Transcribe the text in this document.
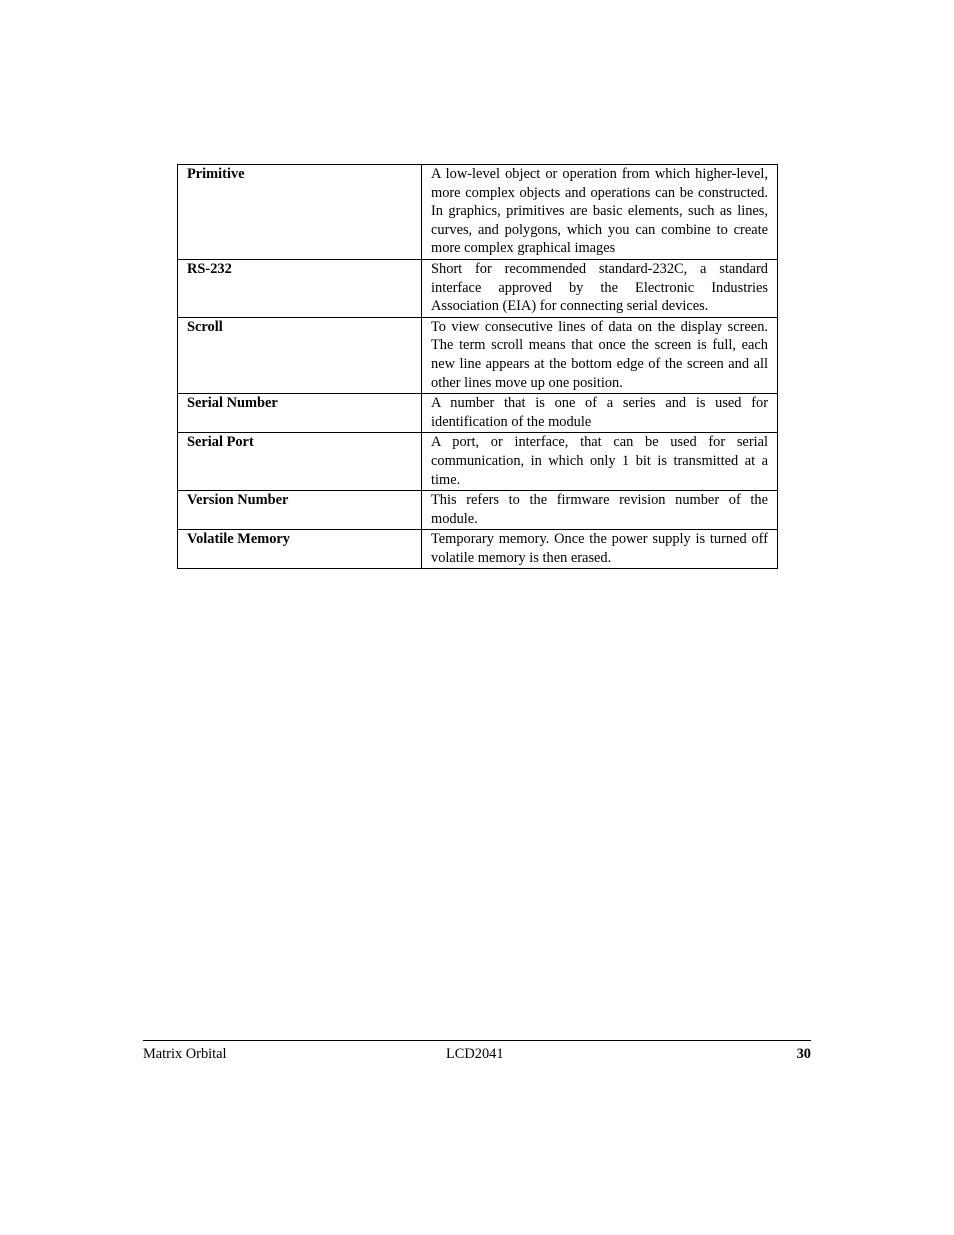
Primitive	A low-level object or operation from which higher-level, more complex objects and operations can be constructed. In graphics, primitives are basic elements, such as lines, curves, and polygons, which you can combine to create more complex graphical images
RS-232	Short for recommended standard-232C, a standard interface approved by the Electronic Industries Association (EIA) for connecting serial devices.
Scroll	To view consecutive lines of data on the display screen. The term scroll means that once the screen is full, each new line appears at the bottom edge of the screen and all other lines move up one position.
Serial Number	A number that is one of a series and is used for identification of the module
Serial Port	A port, or interface, that can be used for serial communication, in which only 1 bit is transmitted at a time.
Version Number	This refers to the firmware revision number of the module.
Volatile Memory	Temporary memory. Once the power supply is turned off volatile memory is then erased.
Matrix Orbital	LCD2041	30
